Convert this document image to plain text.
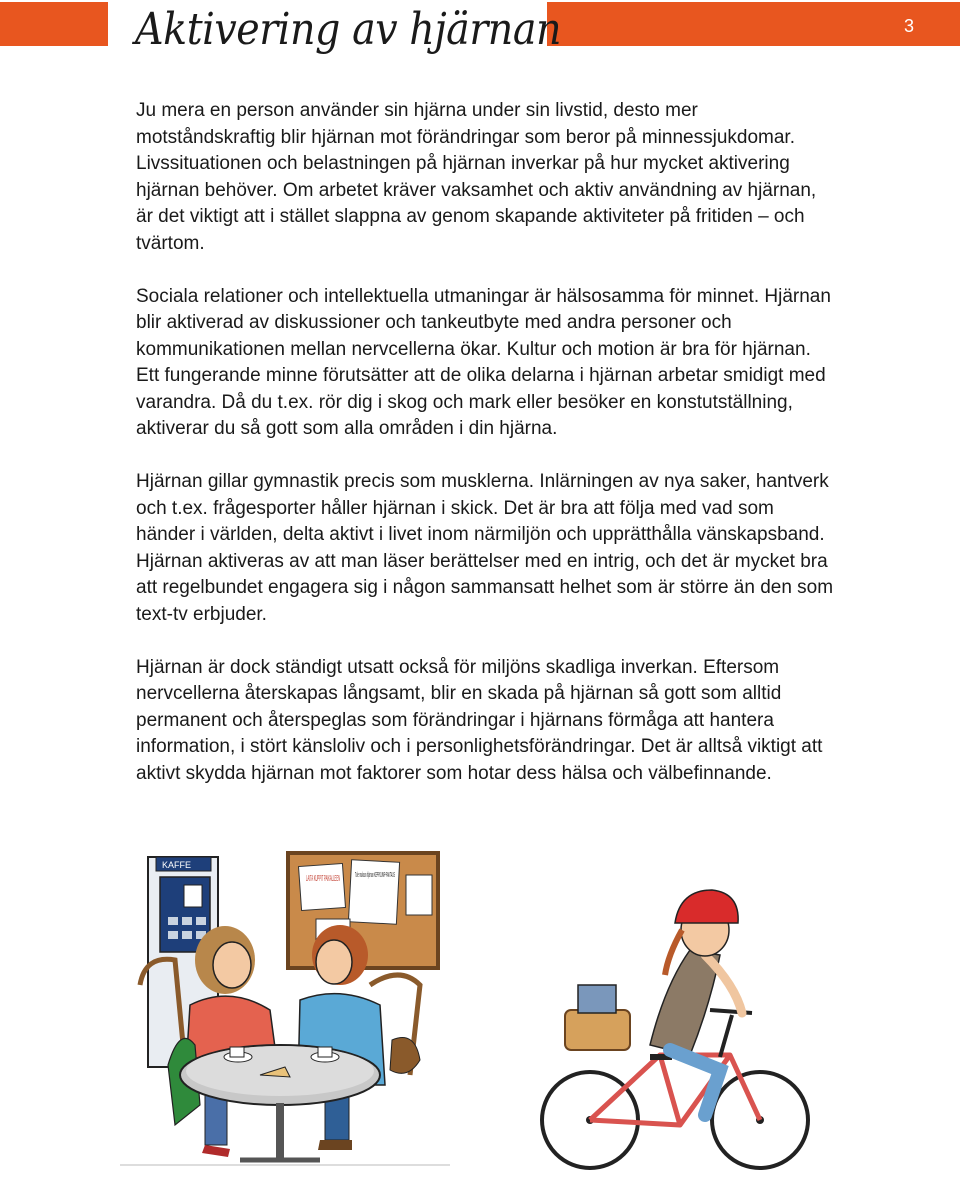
3
Aktivering av hjärnan

Ju mera en person använder sin hjärna under sin livstid, desto mer motståndskraftig blir hjärnan mot förändringar som beror på minnessjukdomar. Livssituationen och belastningen på hjärnan inverkar på hur mycket aktivering hjärnan behöver. Om arbetet kräver vaksamhet och aktiv användning av hjärnan, är det viktigt att i stället slappna av genom skapande aktiviteter på fritiden – och tvärtom.

Sociala relationer och intellektuella utmaningar är hälsosamma för minnet. Hjärnan blir aktiverad av diskussioner och tankeutbyte med andra personer och kommunikationen mellan nervcellerna ökar. Kultur och motion är bra för hjärnan. Ett fungerande minne förutsätter att de olika delarna i hjärnan arbetar smidigt med varandra. Då du t.ex. rör dig i skog och mark eller besöker en konstutställning, aktiverar du så gott som alla områden i din hjärna.

Hjärnan gillar gymnastik precis som musklerna. Inlärningen av nya saker, hantverk och t.ex. frågesporter håller hjärnan i skick. Det är bra att följa med vad som händer i världen, delta aktivt i livet inom närmiljön och upprätthålla vänskapsband. Hjärnan aktiveras av att man läser berättelser med en intrig, och det är mycket bra att regelbundet engagera sig i någon sammansatt helhet som är större än den som text-tv erbjuder.

Hjärnan är dock ständigt utsatt också för miljöns skadliga inverkan. Eftersom nervcellerna återskapas långsamt, blir en skada på hjärnan så gott som alltid permanent och återspeglas som förändringar i hjärnans förmåga att hantera information, i stört känsloliv och i personlighetsförändringar. Det är alltså viktigt att aktivt skydda hjärnan mot faktorer som hotar dess hälsa och välbefinnande.

KAFFE
LAITA KUPPIT PAIKALLEEN Tule mukaan hjärnan KEPPIJUMP-PAKTAUS
